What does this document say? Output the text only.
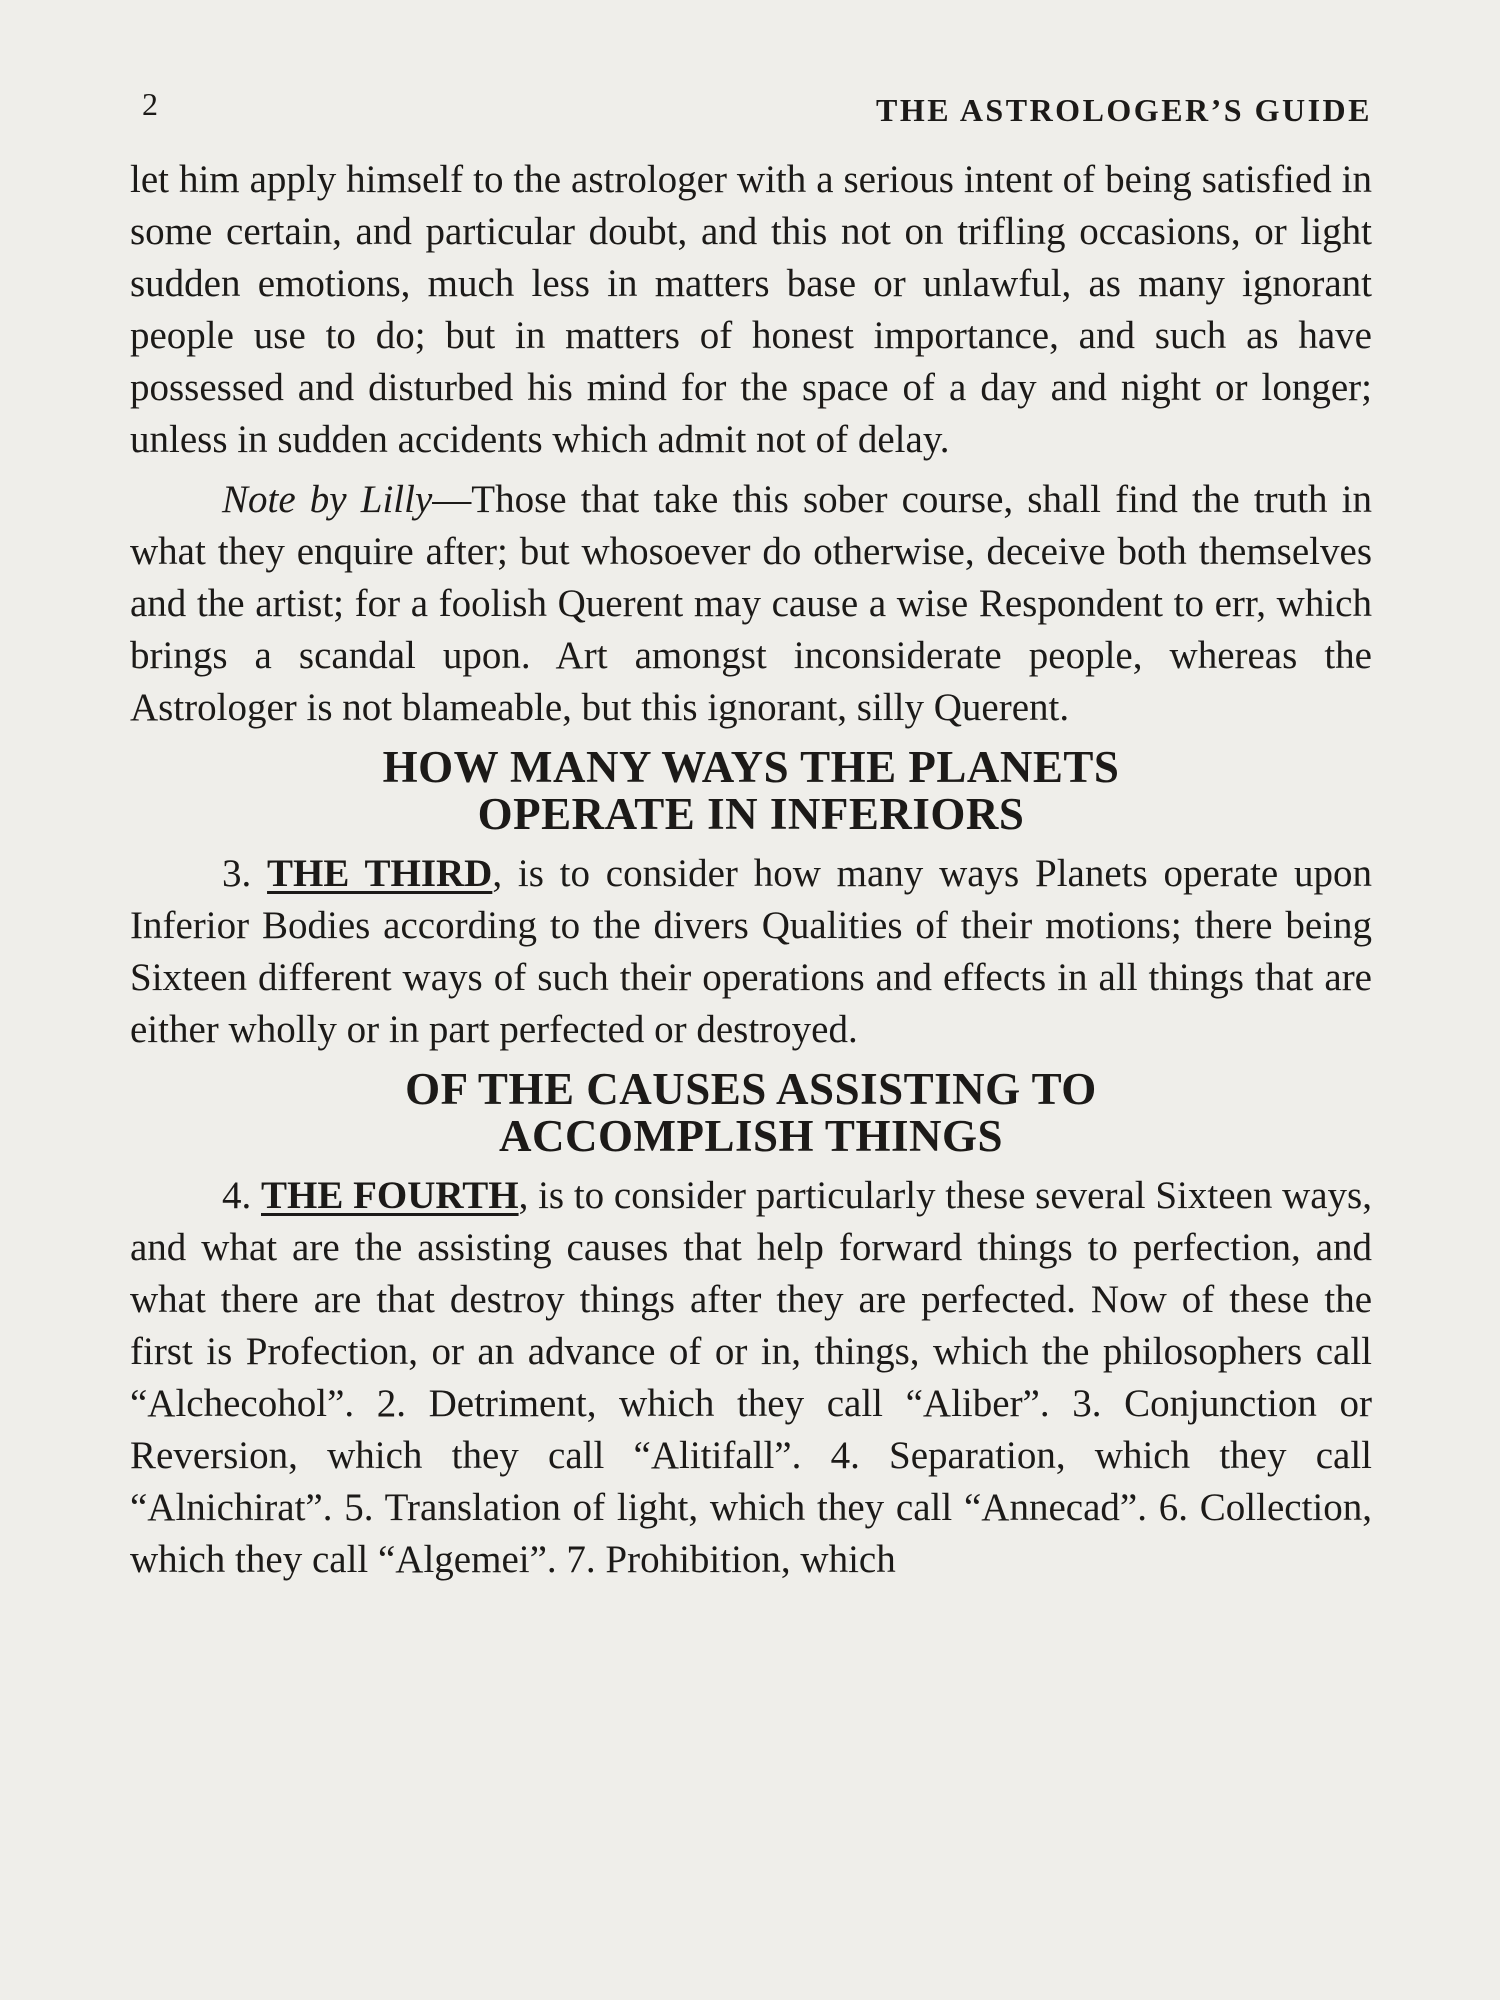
2	THE ASTROLOGER’S GUIDE

let him apply himself to the astrologer with a serious intent of being satisfied in some certain, and particular doubt, and this not on trifling occasions, or light sudden emotions, much less in matters base or unlawful, as many ignorant people use to do; but in matters of honest importance, and such as have possessed and disturbed his mind for the space of a day and night or longer; unless in sudden accidents which admit not of delay.

Note by Lilly—Those that take this sober course, shall find the truth in what they enquire after; but whosoever do otherwise, deceive both themselves and the artist; for a foolish Querent may cause a wise Respondent to err, which brings a scandal upon. Art amongst inconsiderate people, whereas the Astrologer is not blameable, but this ignorant, silly Querent.

HOW MANY WAYS THE PLANETS
OPERATE IN INFERIORS

3. THE THIRD, is to consider how many ways Planets operate upon Inferior Bodies according to the divers Qualities of their motions; there being Sixteen different ways of such their operations and effects in all things that are either wholly or in part perfected or destroyed.

OF THE CAUSES ASSISTING TO
ACCOMPLISH THINGS

4. THE FOURTH, is to consider particularly these several Sixteen ways, and what are the assisting causes that help forward things to perfection, and what there are that destroy things after they are perfected. Now of these the first is Profection, or an advance of or in, things, which the philosophers call “Alchecohol”. 2. Detriment, which they call “Aliber”. 3. Conjunction or Reversion, which they call “Alitifall”. 4. Separation, which they call “Alnichirat”. 5. Translation of light, which they call “Annecad”. 6. Collection, which they call “Algemei”. 7. Prohibition, which
